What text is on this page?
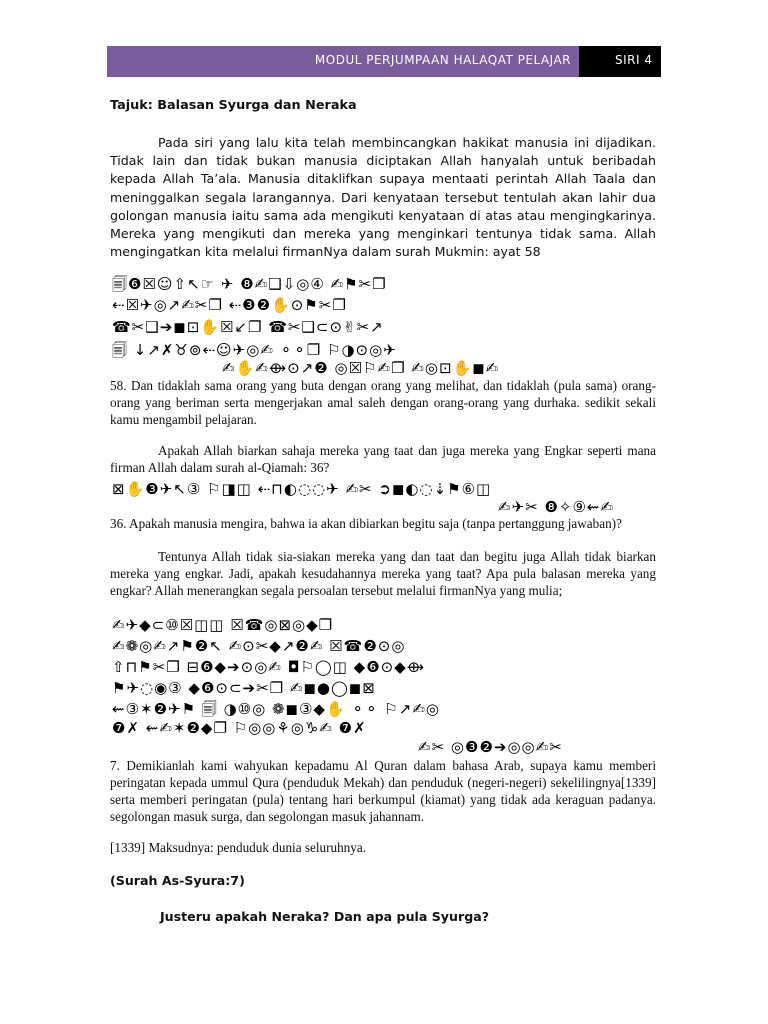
MODUL PERJUMPAAN HALAQAT PELAJAR	SIRI 4
Tajuk: Balasan Syurga dan Neraka

Pada siri yang lalu kita telah membincangkan hakikat manusia ini dijadikan. Tidak lain dan tidak bukan manusia diciptakan Allah hanyalah untuk beribadah kepada Allah Ta’ala. Manusia ditaklifkan supaya mentaati perintah Allah Taala dan meninggalkan segala larangannya. Dari kenyataan tersebut tentulah akan lahir dua golongan manusia iaitu sama ada mengikuti kenyataan di atas atau mengingkarinya. Mereka yang mengikuti dan mereka yang menginkari tentunya tidak sama. Allah mengingatkan kita melalui firmanNya dalam surah Mukmin: ayat 58

🗐❻☒☺⇧↖☞ ✈ ❽✍❑⇩◎④ ✍⚑✂❐
⇠☒✈◎↗✍✂❐ ⇠❸❷✋⊙⚑✂❐
☎✂❑➔◼⊡✋☒↙❐ ☎✂❑⊂⊙✌✂↗
🗐 ↓↗✗♉⊚⇠☺✈◎✍ ⚬⚬❐ ⚐◑⊙◎✈
✍✋✍⟴⊙↗❷ ◎☒⚐✍❐ ✍◎⊡✋◼✍

58. Dan tidaklah sama orang yang buta dengan orang yang melihat, dan tidaklah (pula sama) orang-orang yang beriman serta mengerjakan amal saleh dengan orang-orang yang durhaka. sedikit sekali kamu mengambil pelajaran.

Apakah Allah biarkan sahaja mereka yang taat dan juga mereka yang Engkar seperti mana firman Allah dalam surah al-Qiamah: 36?

⊠✋❸✈↖③ ⚐◨◫ ⇠⊓◐◌◌✈ ✍✂ ➲◼◐◌⇣⚑⑥◫
✍✈✂ ❽✧⑨⇜✍

36. Apakah manusia mengira, bahwa ia akan dibiarkan begitu saja (tanpa pertanggung jawaban)?

Tentunya Allah tidak sia-siakan mereka yang dan taat dan begitu juga Allah tidak biarkan mereka yang engkar. Jadi, apakah kesudahannya mereka yang taat? Apa pula balasan mereka yang engkar? Allah menerangkan segala persoalan tersebut melalui firmanNya yang mulia;

✍✈◆⊂⑩☒◫◫ ☒☎◎⊠◎◆❐
✍❁◎✍↗⚑❷↖ ✍⊙✂◆↗❷✍ ☒☎❷⊙◎
⇧⊓⚑✂❐ ⊟❻◆➔⊙◎✍ ◘⚐◯◫ ◆❻⊙◆⟴
⚑✈◌◉③ ◆❻⊙⊂➔✂❐ ✍◼●◯◼⊠
⇜③✶❷✈⚑ 🗐 ◑⑩◎ ❁◼③◆✋ ⚬⚬ ⚐↗✍◎
❼✗ ⇜✍✶❷◆❐ ⚐◎◎⚘◎♑✍ ❼✗
✍✂ ◎❸❷➔◎◎✍✂

7. Demikianlah kami wahyukan kepadamu Al Quran dalam bahasa Arab, supaya kamu memberi peringatan kepada ummul Qura (penduduk Mekah) dan penduduk (negeri-negeri) sekelilingnya[1339] serta memberi peringatan (pula) tentang hari berkumpul (kiamat) yang tidak ada keraguan padanya. segolongan masuk surga, dan segolongan masuk jahannam.

[1339] Maksudnya: penduduk dunia seluruhnya.

(Surah As-Syura:7)
Justeru apakah Neraka? Dan apa pula Syurga?
